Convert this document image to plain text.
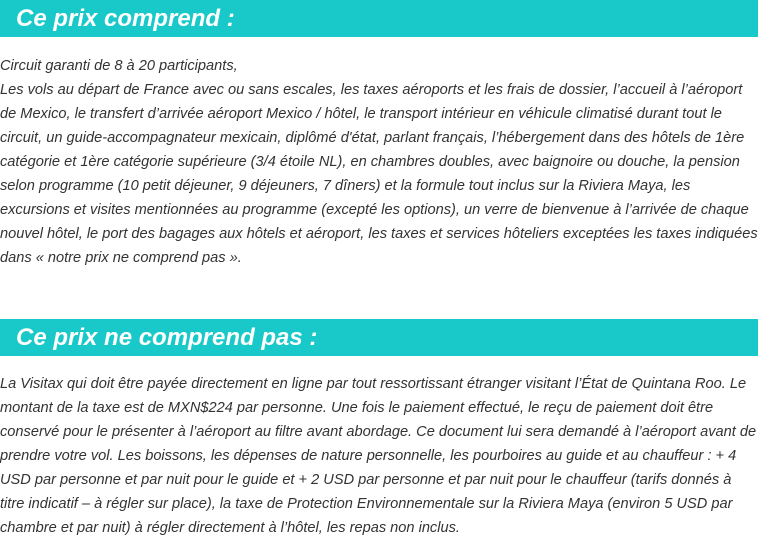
Ce prix comprend :

Circuit garanti de 8 à 20 participants,

Les vols au départ de France avec ou sans escales, les taxes aéroports et les frais de dossier, l’accueil à l’aéroport de Mexico, le transfert d’arrivée aéroport Mexico / hôtel, le transport intérieur en véhicule climatisé durant tout le circuit, un guide-accompagnateur mexicain, diplômé d'état, parlant français, l’hébergement dans des hôtels de 1ère catégorie et 1ère catégorie supérieure (3/4 étoile NL), en chambres doubles, avec baignoire ou douche, la pension selon programme (10 petit déjeuner, 9 déjeuners, 7 dîners) et la formule tout inclus sur la Riviera Maya, les excursions et visites mentionnées au programme (excepté les options), un verre de bienvenue à l’arrivée de chaque nouvel hôtel, le port des bagages aux hôtels et aéroport, les taxes et services hôteliers exceptées les taxes indiquées dans « notre prix ne comprend pas ».

Ce prix ne comprend pas :

La Visitax qui doit être payée directement en ligne par tout ressortissant étranger visitant l’État de Quintana Roo. Le montant de la taxe est de MXN$224 par personne. Une fois le paiement effectué, le reçu de paiement doit être conservé pour le présenter à l’aéroport au filtre avant abordage. Ce document lui sera demandé à l’aéroport avant de prendre votre vol. Les boissons, les dépenses de nature personnelle, les pourboires au guide et au chauffeur : + 4 USD par personne et par nuit pour le guide et + 2 USD par personne et par nuit pour le chauffeur (tarifs donnés à titre indicatif – à régler sur place), la taxe de Protection Environnementale sur la Riviera Maya (environ 5 USD par chambre et par nuit) à régler directement à l’hôtel, les repas non inclus.
